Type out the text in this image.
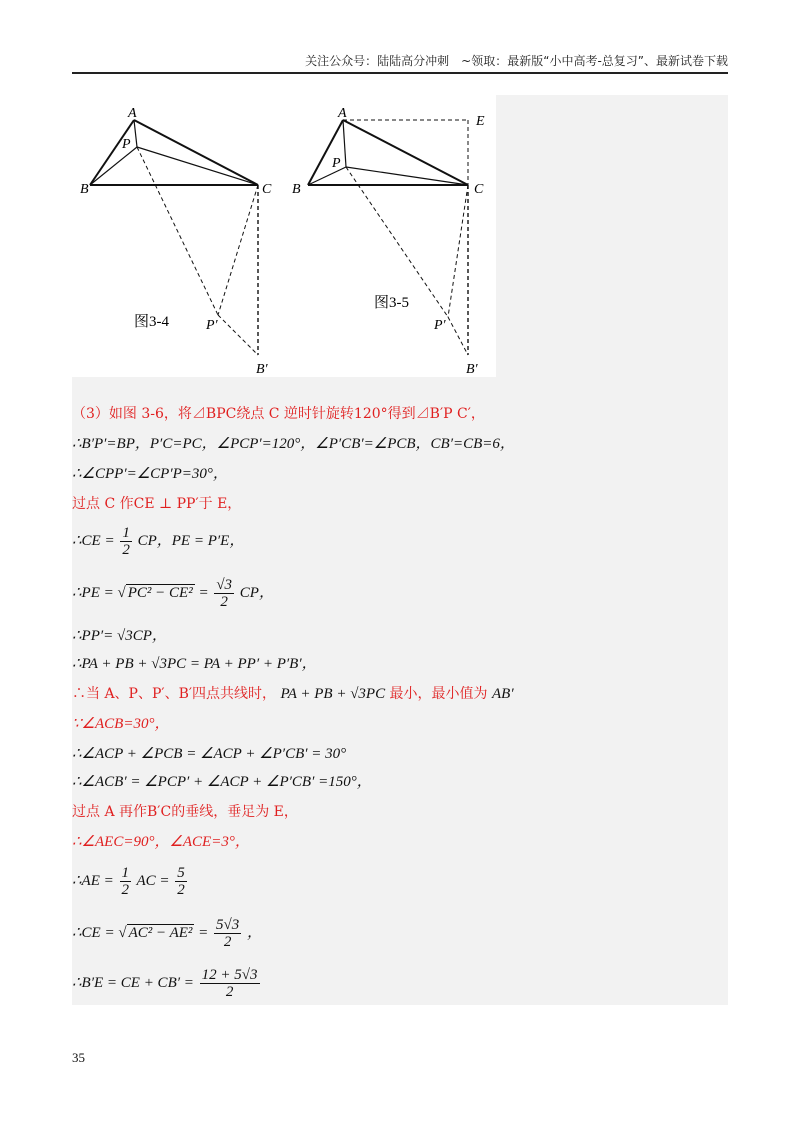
关注公众号：陆陆高分冲刺　~领取：最新版“小中高考-总复习”、最新试卷下载
A
P
B	C
P′
B′
图3-4
A
E
P
B	C
P′
B′
图3-5
（3）如图 3-6，将⊿BPC绕点 C 逆时针旋转120°得到⊿B′P C′，
∴B′P′=BP，P′C=PC，∠PCP′=120°，∠P′CB′=∠PCB，CB′=CB=6，
∴∠CPP′=∠CP′P=30°，
过点 C 作CE ⊥ PP′于 E，
∴CE = $\frac{1}{2}$ CP，PE = P′E，
∴PE = √ $PC^2 - CE^2 = \frac{√3}{2}$ CP，
∴PP′= √3CP，
∴PA + PB + √3PC = PA + PP′ + P′B′，
∴当 A、P、P′、B′四点共线时， PA + PB + √3PC 最小，最小值为 AB′
∵∠ACB=30°，
∴∠ACP + ∠PCB = ∠ACP + ∠P′CB′ = 30°
∴∠ACB′ = ∠PCP′ + ∠ACP + ∠P′CB′ =150°，
过点 A 再作B′C的垂线，垂足为 E，
∴∠AEC=90°，∠ACE=3°，
∴AE = $\frac{1}{2}$ AC = $\frac{5}{2}$
∴CE = √ $AC^2 - AE^2 = \frac{5√3}{2}$ ，
∴B′E = CE + $CB' = \frac{12 + 5√3}{2}$
35
